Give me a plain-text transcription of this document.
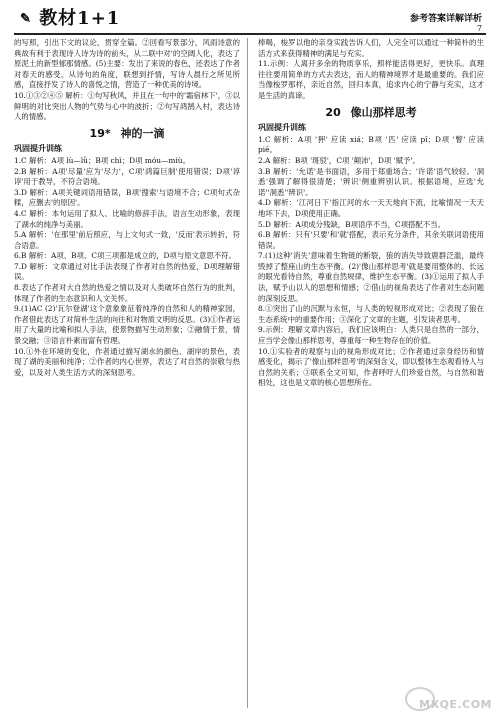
✎ 教材1+1	参考答案详解详析
7

的写照，引出下文的议论，贯穿全篇。②回看写景部分，风雨诗意的典故有利于表现诗人诗为诗的前头，从二联中对'的空阔人化，表达了原泥土的新型郁那情感。(5)主要：发出了来说的春色，还表达了作者对春天的感受。从诗句的角度，联想到抒情，写诗人晨行之所见所感，直接抒发了诗人的喜悦之情，营造了一种优美的诗境。

10.①③②④⑤ 解析：①句写秋风，并且在一句中的'霜宿林下'，③以鲜明的对比突出人物的气势与心中的波折；②句写鸿鹄入村，表达诗人的情感。

19* 神的一滴
巩固提升训练

1.C 解析：A项 lù—lǜ；B项 chì；D项 móu—miù。

2.B 解析：A项'尽量'应为'尽力'，C项'鸿篇巨制'使用错误；D项'谆谆'用于教导，不符合语境。

3.D 解析：A项关键词语用错误，B项'搜索'与语境不合；C项句式杂糅，应删去'的原因'。

4.C 解析：本句运用了拟人、比喻的修辞手法，语言生动形象，表现了湖水的纯净与美丽。

5.A 解析：'在那里'前后照应，与上文句式一致，'反而'表示转折，符合语意。

6.B 解析：A项、B项、C项三项都是成立的，D项与原文意思不符。

7.D 解析：文章通过对比手法表现了作者对自然的热爱，D项理解错误。

8.表达了作者对大自然的热爱之情以及对人类破坏自然行为的批判，体现了作者的生态意识和人文关怀。

9.(1)AC (2)'瓦尔登湖'这个意象象征着纯净的自然和人的精神家园，作者借此表达了对简朴生活的向往和对物质文明的反思。(3)①作者运用了大量的比喻和拟人手法，使景物描写生动形象；②融情于景，情景交融；③语言朴素而富有哲理。

10.①外在环境的变化，作者通过描写湖水的颜色、湖岸的景色，表现了湖的美丽和纯净；②作者的内心世界，表达了对自然的崇敬与热爱，以及对人类生活方式的深刻思考。

棒喝，梭罗以他的亲身实践告诉人们，人完全可以通过一种简朴的生活方式来获得精神的满足与充实。

11.示例：人离开多余的物质享乐，照样能活得更好，更快乐。真理往往要用简单的方式去表达，而人的精神境界才是最重要的。我们应当像梭罗那样，亲近自然，回归本真，追求内心的宁静与充实，这才是生活的真谛。

20 像山那样思考
巩固提升训练

1.C 解析：A项 '狎' 应读 xiá；B项 '匹' 应读 pǐ；D项 '瞥' 应读 piē。

2.A 解析：B项 '斑驳'，C项 '颠沛'，D项 '赋予'。

3.B 解析：'允诺'是书面语，多用于郑重场合；'许诺'语气较轻。'洞悉'强调了解得很清楚；'辨识'侧重辨别认识。根据语境，应选'允诺''洞悉''辨识'。

4.D 解析：'江河日下'指江河的水一天天地向下流，比喻情况一天天地坏下去，D项使用正确。

5.D 解析：A项成分残缺，B项语序不当，C项搭配不当。

6.B 解析：只有'只要'和'就'搭配，表示充分条件，其余关联词语使用错误。

7.(1)这种'消失'意味着生物链的断裂，狼的消失导致鹿群泛滥，最终毁掉了整座山的生态平衡。(2)'像山那样思考'就是要用整体的、长远的眼光看待自然，尊重自然规律，维护生态平衡。(3)①运用了拟人手法，赋予山以人的思想和情感；②借山的视角表达了作者对生态问题的深刻反思。

8.①突出了山的沉默与永恒，与人类的短视形成对比；②表现了狼在生态系统中的重要作用；③深化了文章的主题，引发读者思考。

9.示例：理解文章内容后，我们应该明白：人类只是自然的一部分，应当学会像山那样思考，尊重每一种生物存在的价值。

10.①实验者的观察与山的视角形成对比；②作者通过亲身经历和情感变化，揭示了'像山那样思考'的深刻含义，即以整体生态观看待人与自然的关系；③联系全文可知，作者呼吁人们珍爱自然，与自然和谐相处，这也是文章的核心思想所在。

MXQE.COM
